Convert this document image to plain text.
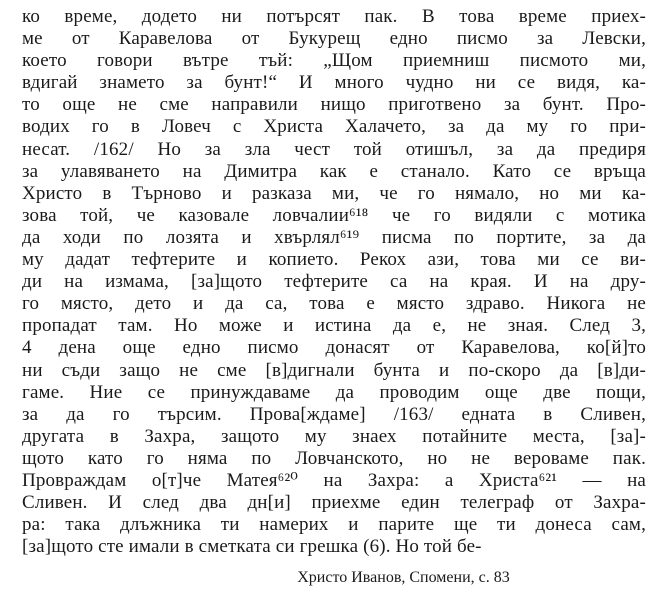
ко време, додето ни потърсят пак. В това време приех-
ме от Каравелова от Букурещ едно писмо за Левски,
което говори вътре тъй: „Щом приемниш писмото ми,
вдигай знамето за бунт!“ И много чудно ни се видя, ка-
то още не сме направили нищо приготвено за бунт. Про-
водих го в Ловеч с Христа Халачето, за да му го при-
несат. /162/ Но за зла чест той отишъл, за да предиря
за улавяването на Димитра как е станало. Като се връща
Христо в Търново и разказа ми, че го нямало, но ми ка-
зова той, че казовале ловчалии⁶¹⁸ че го видяли с мотика
да ходи по лозята и хвърлял⁶¹⁹ писма по портите, за да
му дадат тефтерите и копието. Рекох ази, това ми се ви-
ди на измама, [за]щото тефтерите са на края. И на дру-
го място, дето и да са, това е място здраво. Никога не
пропадат там. Но може и истина да е, не зная. След 3,
4 дена още едно писмо донасят от Каравелова, ко[й]то
ни съди защо не сме [в]дигнали бунта и по-скоро да [в]ди-
гаме. Ние се принуждаваме да проводим още две пощи,
за да го търсим. Прова[ждаме] /163/ едната в Сливен,
другата в Захра, защото му знаех потайните места, [за]-
щото като го няма по Ловчанското, но не вероваме пак.
Провраждам о[т]че Матея⁶²⁰ на Захра: а Христа⁶²¹ — на
Сливен. И след два дн[и] приехме един телеграф от Захра-
ра: така длъжника ти намерих и парите ще ти донеса сам,
[за]щото сте имали в сметката си грешка (6). Но той бе-
Христо Иванов, Спомени, с. 83
